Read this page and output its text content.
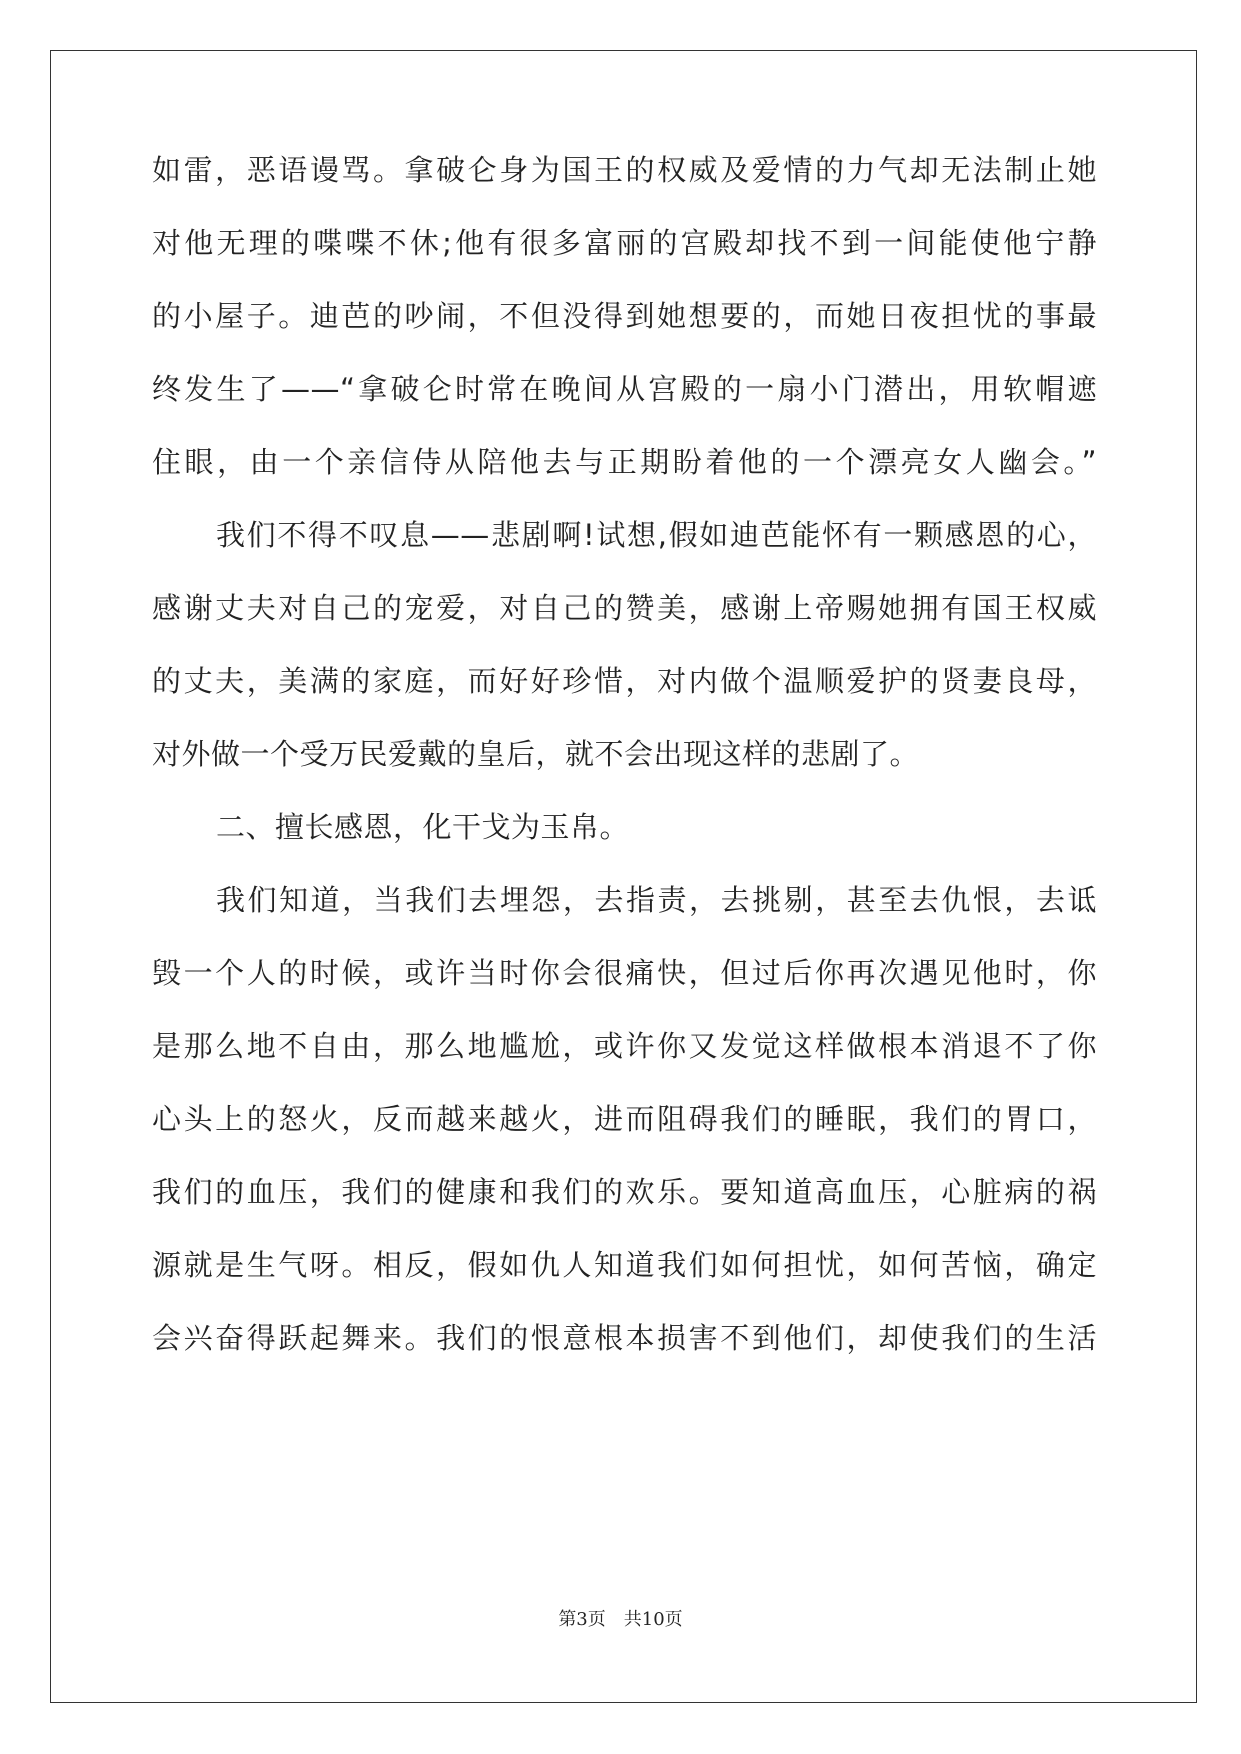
如雷，恶语谩骂。拿破仑身为国王的权威及爱情的力气却无法制止她
对他无理的喋喋不休;他有很多富丽的宫殿却找不到一间能使他宁静
的小屋子。迪芭的吵闹，不但没得到她想要的，而她日夜担忧的事最
终发生了——“拿破仑时常在晚间从宫殿的一扇小门潜出，用软帽遮
住眼，由一个亲信侍从陪他去与正期盼着他的一个漂亮女人幽会。”
我们不得不叹息——悲剧啊!试想,假如迪芭能怀有一颗感恩的心，
感谢丈夫对自己的宠爱，对自己的赞美，感谢上帝赐她拥有国王权威
的丈夫，美满的家庭，而好好珍惜，对内做个温顺爱护的贤妻良母，
对外做一个受万民爱戴的皇后，就不会出现这样的悲剧了。
二、擅长感恩，化干戈为玉帛。
我们知道，当我们去埋怨，去指责，去挑剔，甚至去仇恨，去诋
毁一个人的时候，或许当时你会很痛快，但过后你再次遇见他时，你
是那么地不自由，那么地尴尬，或许你又发觉这样做根本消退不了你
心头上的怒火，反而越来越火，进而阻碍我们的睡眠，我们的胃口，
我们的血压，我们的健康和我们的欢乐。要知道高血压，心脏病的祸
源就是生气呀。相反，假如仇人知道我们如何担忧，如何苦恼，确定
会兴奋得跃起舞来。我们的恨意根本损害不到他们，却使我们的生活
第3页　共10页
